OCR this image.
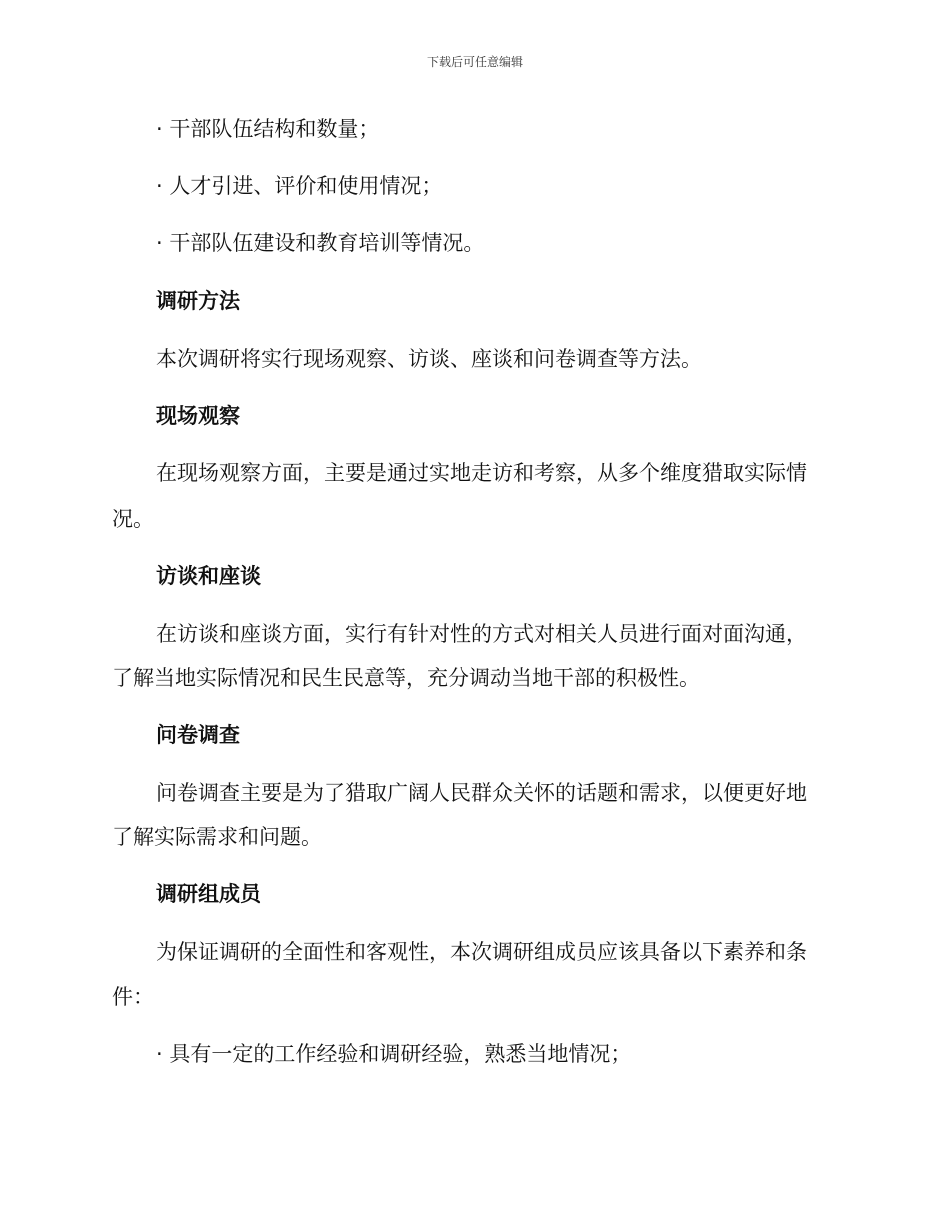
下载后可任意编辑
· 干部队伍结构和数量；
· 人才引进、评价和使用情况；
· 干部队伍建设和教育培训等情况。
调研方法
本次调研将实行现场观察、访谈、座谈和问卷调查等方法。
现场观察
在现场观察方面，主要是通过实地走访和考察，从多个维度猎取实际情
况。
访谈和座谈
在访谈和座谈方面，实行有针对性的方式对相关人员进行面对面沟通，
了解当地实际情况和民生民意等，充分调动当地干部的积极性。
问卷调查
问卷调查主要是为了猎取广阔人民群众关怀的话题和需求，以便更好地
了解实际需求和问题。
调研组成员
为保证调研的全面性和客观性，本次调研组成员应该具备以下素养和条
件：
· 具有一定的工作经验和调研经验，熟悉当地情况；
